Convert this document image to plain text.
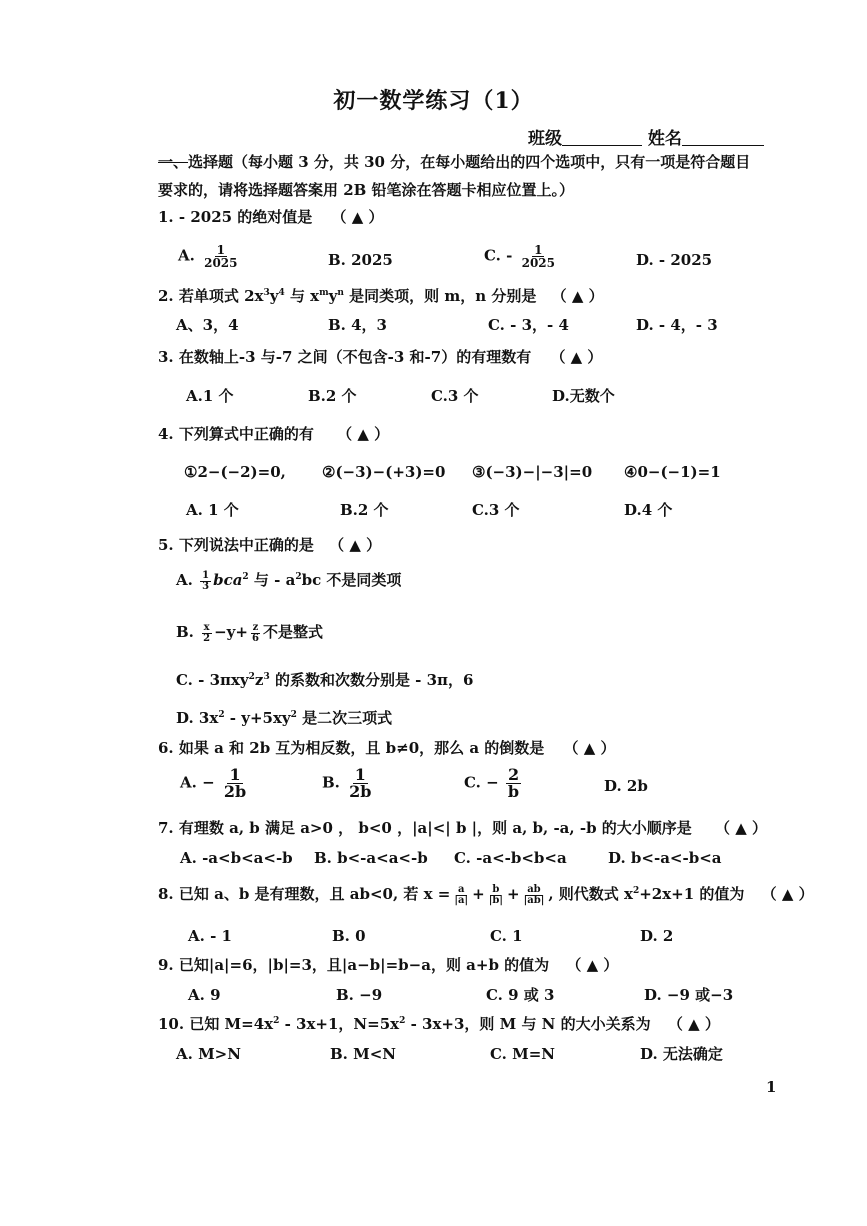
初一数学练习（1）
班级	姓名
一、选择题（每小题 3 分，共 30 分，在每小题给出的四个选项中，只有一项是符合题目
要求的，请将选择题答案用 2B 铅笔涂在答题卡相应位置上。）
1. - 2025 的绝对值是 （ ▲ ）
A. $\frac{1}{2025}$	B. 2025	C. - $\frac{1}{2025}$	D. - 2025
2. 若单项式 $2x^3y^4$ 与 $x^my^n$ 是同类项，则 m，n 分别是 （ ▲ ）
A、3，4	B. 4，3	C. - 3，- 4	D. - 4，- 3
3. 在数轴上-3 与-7 之间（不包含-3 和-7）的有理数有 （ ▲ ）
A.1 个	B.2 个	C.3 个	D.无数个
4. 下列算式中正确的有 （ ▲ ）
①2−(−2)=0, ②(−3)−(+3)=0 ③(−3)−|−3|=0 ④0−(−1)=1
A. 1 个	B.2 个	C.3 个	D.4 个
5. 下列说法中正确的是 （ ▲ ）
A. $\frac{1}{3} bca^2$ 与 - $a^2bc$ 不是同类项
B. $\frac{x}{2} -y+ \frac{z}{6}$ 不是整式
C. - $3\pi xy^2z^3$ 的系数和次数分别是 - 3π，6
D. $3x^2 - y+5xy^2$ 是二次三项式
6. 如果 a 和 2b 互为相反数，且 b≠0，那么 a 的倒数是 （ ▲ ）
A. − $\frac{1}{2b}$	B. $\frac{1}{2b}$	C. − $\frac{2}{b}$	D. 2b
7. 有理数 a, b 满足 a>0 ， b<0 ，|a|<| b |，则 a, b, -a, -b 的大小顺序是 （ ▲ ）
A. -a<b<a<-b B. b<-a<a<-b C. -a<-b<b<a	D. b<-a<-b<a
8. 已知 a、b 是有理数，且 ab<0, 若 $x = \frac{a}{|a|} + \frac{b}{|b|} + \frac{ab}{|ab|}$ , 则代数式 $x^2+2x+1$ 的值为 （ ▲ ）
A. - 1	B. 0	C. 1	D. 2
9. 已知|a|=6，|b|=3，且|a−b|=b−a，则 a+b 的值为 （ ▲ ）
A. 9	B. −9	C. 9 或 3	D. −9 或−3
10. 已知 $M=4x^2 - 3x+1$，$N=5x^2 - 3x+3$，则 M 与 N 的大小关系为 （ ▲ ）
A. M>N	B. M<N	C. M=N	D. 无法确定
1
